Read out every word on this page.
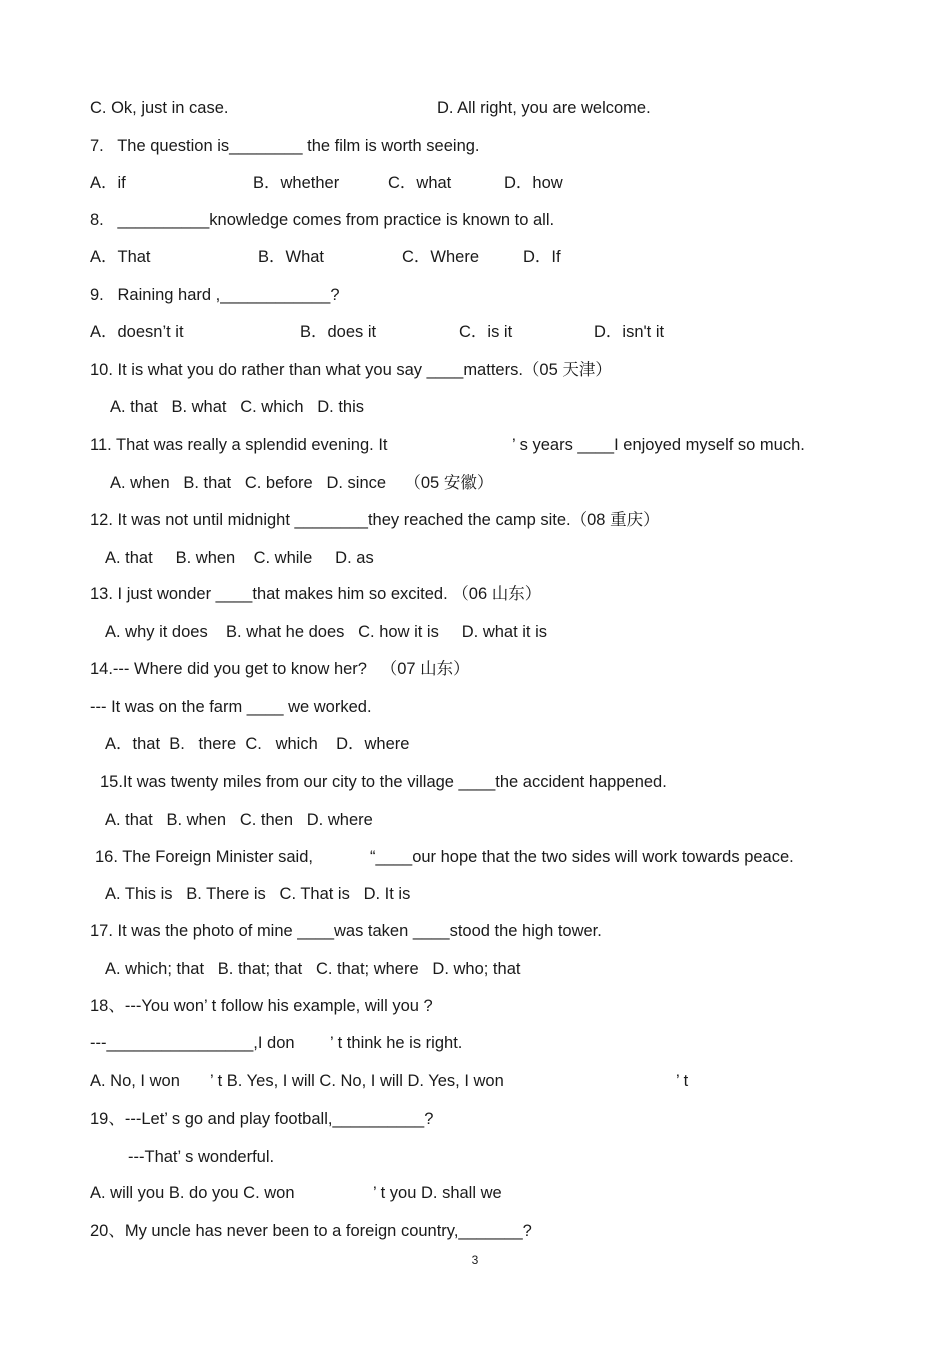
C. Ok, just in case.	D. All right, you are welcome.
7.   The question is________ the film is worth seeing.
A．if	B．whether	C．what	D．how
8.   __________knowledge comes from practice is known to all.
A．That	B．What	C．Where	D．If
9.   Raining hard ,____________?
A．doesn’t it	B．does it	C．is it	D．isn't it
10. It is what you do rather than what you say ____matters.（05 天津）
A. that   B. what   C. which   D. this
11. That was really a splendid evening. It	’ s years ____I enjoyed myself so much.
A. when   B. that   C. before   D. since    （05 安徽）
12. It was not until midnight ________they reached the camp site.（08 重庆）
A. that     B. when    C. while     D. as
13. I just wonder ____that makes him so excited. （06 山东）
A. why it does    B. what he does   C. how it is     D. what it is
14.--- Where did you get to know her?   （07 山东）
--- It was on the farm ____ we worked.
A．that  B.   there  C.   which    D．where
15.It was twenty miles from our city to the village ____the accident happened.
A. that   B. when   C. then   D. where
16. The Foreign Minister said,	“____our hope that the two sides will work towards peace.
A. This is   B. There is   C. That is   D. It is
17. It was the photo of mine ____was taken ____stood the high tower.
A. which; that   B. that; that   C. that; where   D. who; that
18、---You won’ t follow his example, will you ?
---________________,I don ’ t think he is right.
A. No, I won ’ t B. Yes, I will C. No, I will D. Yes, I won	’ t
19、---Let’ s go and play football,__________?
---That’ s wonderful.
A. will you B. do you C. won	’ t you D. shall we
20、My uncle has never been to a foreign country,_______?
3
